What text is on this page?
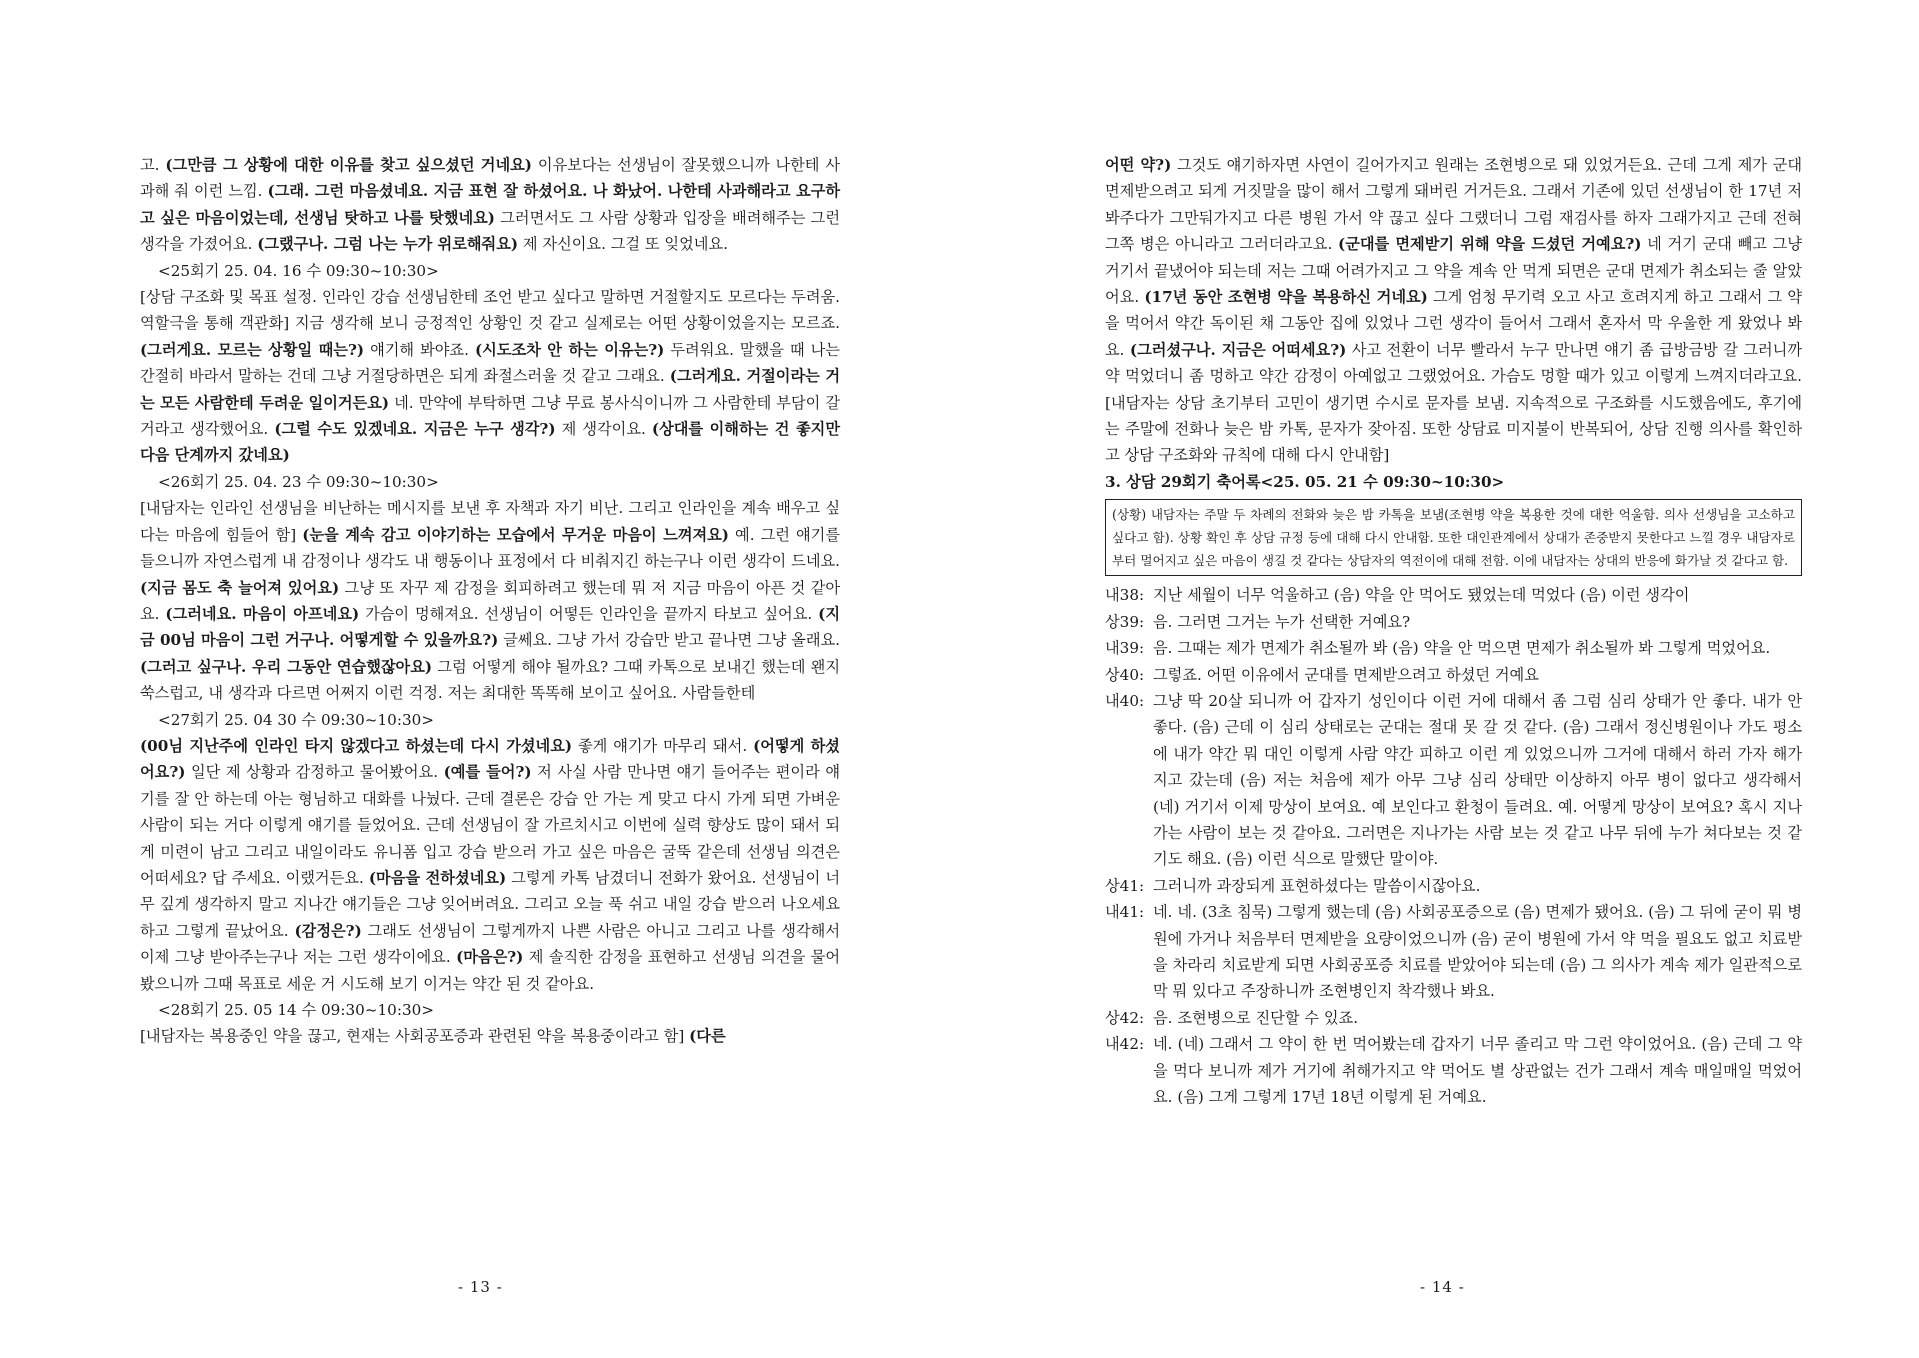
고. (그만큼 그 상황에 대한 이유를 찾고 싶으셨던 거네요) 이유보다는 선생님이 잘못했으니까 나한테 사과해 줘 이런 느낌. (그래. 그런 마음셨네요. 지금 표현 잘 하셨어요. 나 화났어. 나한테 사과해라고 요구하고 싶은 마음이었는데, 선생님 탓하고 나를 탓했네요) 그러면서도 그 사람 상황과 입장을 배려해주는 그런 생각을 가졌어요. (그랬구나. 그럼 나는 누가 위로해줘요) 제 자신이요. 그걸 또 잊었네요.

<25회기 25. 04. 16 수 09:30~10:30>

[상담 구조화 및 목표 설정. 인라인 강습 선생님한테 조언 받고 싶다고 말하면 거절할지도 모르다는 두려움. 역할극을 통해 객관화] 지금 생각해 보니 긍정적인 상황인 것 같고 실제로는 어떤 상황이었을지는 모르죠. (그러게요. 모르는 상황일 때는?) 얘기해 봐야죠. (시도조차 안 하는 이유는?) 두려워요. 말했을 때 나는 간절히 바라서 말하는 건데 그냥 거절당하면은 되게 좌절스러울 것 같고 그래요. (그러게요. 거절이라는 거는 모든 사람한테 두려운 일이거든요) 네. 만약에 부탁하면 그냥 무료 봉사식이니까 그 사람한테 부담이 갈 거라고 생각했어요. (그럴 수도 있겠네요. 지금은 누구 생각?) 제 생각이요. (상대를 이해하는 건 좋지만 다음 단계까지 갔네요)

<26회기 25. 04. 23 수 09:30~10:30>

[내담자는 인라인 선생님을 비난하는 메시지를 보낸 후 자책과 자기 비난. 그리고 인라인을 계속 배우고 싶다는 마음에 힘들어 함] (눈을 계속 감고 이야기하는 모습에서 무거운 마음이 느껴져요) 예. 그런 얘기를 들으니까 자연스럽게 내 감정이나 생각도 내 행동이나 표정에서 다 비춰지긴 하는구나 이런 생각이 드네요. (지금 몸도 축 늘어져 있어요) 그냥 또 자꾸 제 감정을 회피하려고 했는데 뭐 저 지금 마음이 아픈 것 같아요. (그러네요. 마음이 아프네요) 가슴이 멍해져요. 선생님이 어떻든 인라인을 끝까지 타보고 싶어요. (지금 00님 마음이 그런 거구나. 어떻게할 수 있을까요?) 글쎄요. 그냥 가서 강습만 받고 끝나면 그냥 올래요. (그러고 싶구나. 우리 그동안 연습했잖아요) 그럼 어떻게 해야 될까요? 그때 카톡으로 보내긴 했는데 왠지 쑥스럽고, 내 생각과 다르면 어쩌지 이런 걱정. 저는 최대한 똑똑해 보이고 싶어요. 사람들한테

<27회기 25. 04 30 수 09:30~10:30>

(00님 지난주에 인라인 타지 않겠다고 하셨는데 다시 가셨네요) 좋게 얘기가 마무리 돼서. (어떻게 하셨어요?) 일단 제 상황과 감정하고 물어봤어요. (예를 들어?) 저 사실 사람 만나면 얘기 들어주는 편이라 얘기를 잘 안 하는데 아는 형님하고 대화를 나눴다. 근데 결론은 강습 안 가는 게 맞고 다시 가게 되면 가벼운 사람이 되는 거다 이렇게 얘기를 들었어요. 근데 선생님이 잘 가르치시고 이번에 실력 향상도 많이 돼서 되게 미련이 남고 그리고 내일이라도 유니폼 입고 강습 받으러 가고 싶은 마음은 굴뚝 같은데 선생님 의견은 어떠세요? 답 주세요. 이랬거든요. (마음을 전하셨네요) 그렇게 카톡 남겼더니 전화가 왔어요. 선생님이 너무 깊게 생각하지 말고 지나간 얘기들은 그냥 잊어버려요. 그리고 오늘 푹 쉬고 내일 강습 받으러 나오세요 하고 그렇게 끝났어요. (감정은?) 그래도 선생님이 그렇게까지 나쁜 사람은 아니고 그리고 나를 생각해서 이제 그냥 받아주는구나 저는 그런 생각이에요. (마음은?) 제 솔직한 감정을 표현하고 선생님 의견을 물어봤으니까 그때 목표로 세운 거 시도해 보기 이거는 약간 된 것 같아요.

<28회기 25. 05 14 수 09:30~10:30>

[내담자는 복용중인 약을 끊고, 현재는 사회공포증과 관련된 약을 복용중이라고 함] (다른

- 13 -

어떤 약?) 그것도 얘기하자면 사연이 길어가지고 원래는 조현병으로 돼 있었거든요. 근데 그게 제가 군대 면제받으려고 되게 거짓말을 많이 해서 그렇게 돼버린 거거든요. 그래서 기존에 있던 선생님이 한 17년 저 봐주다가 그만둬가지고 다른 병원 가서 약 끊고 싶다 그랬더니 그럼 재검사를 하자 그래가지고 근데 전혀 그쪽 병은 아니라고 그러더라고요. (군대를 면제받기 위해 약을 드셨던 거예요?) 네 거기 군대 빼고 그냥 거기서 끝냈어야 되는데 저는 그때 어려가지고 그 약을 계속 안 먹게 되면은 군대 면제가 취소되는 줄 알았어요. (17년 동안 조현병 약을 복용하신 거네요) 그게 엄청 무기력 오고 사고 흐려지게 하고 그래서 그 약을 먹어서 약간 독이된 채 그동안 집에 있었나 그런 생각이 들어서 그래서 혼자서 막 우울한 게 왔었나 봐요. (그러셨구나. 지금은 어떠세요?) 사고 전환이 너무 빨라서 누구 만나면 얘기 좀 급방금방 갈 그러니까 약 먹었더니 좀 멍하고 약간 감정이 아예없고 그랬었어요. 가슴도 멍할 때가 있고 이렇게 느껴지더라고요. [내담자는 상담 초기부터 고민이 생기면 수시로 문자를 보냄. 지속적으로 구조화를 시도했음에도, 후기에는 주말에 전화나 늦은 밤 카톡, 문자가 잦아짐. 또한 상담료 미지불이 반복되어, 상담 진행 의사를 확인하고 상담 구조화와 규칙에 대해 다시 안내함]

3. 상담 29회기 축어록<25. 05. 21 수 09:30~10:30>

(상황) 내담자는 주말 두 차례의 전화와 늦은 밤 카톡을 보냄(조현병 약을 복용한 것에 대한 억울함. 의사 선생님을 고소하고 싶다고 함). 상황 확인 후 상담 규정 등에 대해 다시 안내함. 또한 대인관계에서 상대가 존중받지 못한다고 느낄 경우 내담자로부터 멀어지고 싶은 마음이 생길 것 같다는 상담자의 역전이에 대해 전함. 이에 내담자는 상대의 반응에 화가날 것 같다고 함.
내38: 지난 세월이 너무 억울하고 (음) 약을 안 먹어도 됐었는데 먹었다 (음) 이런 생각이
상39: 음. 그러면 그거는 누가 선택한 거예요?
내39: 음. 그때는 제가 면제가 취소될까 봐 (음) 약을 안 먹으면 면제가 취소될까 봐 그렇게 먹었어요.
상40: 그렇죠. 어떤 이유에서 군대를 면제받으려고 하셨던 거예요
내40: 그냥 딱 20살 되니까 어 갑자기 성인이다 이런 거에 대해서 좀 그럼 심리 상태가 안 좋다. 내가 안 좋다. (음) 근데 이 심리 상태로는 군대는 절대 못 갈 것 같다. (음) 그래서 정신병원이나 가도 평소에 내가 약간 뭐 대인 이렇게 사람 약간 피하고 이런 게 있었으니까 그거에 대해서 하러 가자 해가지고 갔는데 (음) 저는 처음에 제가 아무 그냥 심리 상태만 이상하지 아무 병이 없다고 생각해서 (네) 거기서 이제 망상이 보여요. 예 보인다고 환청이 들려요. 예. 어떻게 망상이 보여요? 혹시 지나가는 사람이 보는 것 같아요. 그러면은 지나가는 사람 보는 것 같고 나무 뒤에 누가 쳐다보는 것 같기도 해요. (음) 이런 식으로 말했단 말이야.
상41: 그러니까 과장되게 표현하셨다는 말씀이시잖아요.
내41: 네. 네. (3초 침묵) 그렇게 했는데 (음) 사회공포증으로 (음) 면제가 됐어요. (음) 그 뒤에 굳이 뭐 병원에 가거나 처음부터 면제받을 요량이었으니까 (음) 굳이 병원에 가서 약 먹을 필요도 없고 치료받을 차라리 치료받게 되면 사회공포증 치료를 받았어야 되는데 (음) 그 의사가 계속 제가 일관적으로 막 뭐 있다고 주장하니까 조현병인지 착각했나 봐요.
상42: 음. 조현병으로 진단할 수 있죠.
내42: 네. (네) 그래서 그 약이 한 번 먹어봤는데 갑자기 너무 졸리고 막 그런 약이었어요. (음) 근데 그 약을 먹다 보니까 제가 거기에 취해가지고 약 먹어도 별 상관없는 건가 그래서 계속 매일매일 먹었어요. (음) 그게 그렇게 17년 18년 이렇게 된 거예요.
- 14 -
